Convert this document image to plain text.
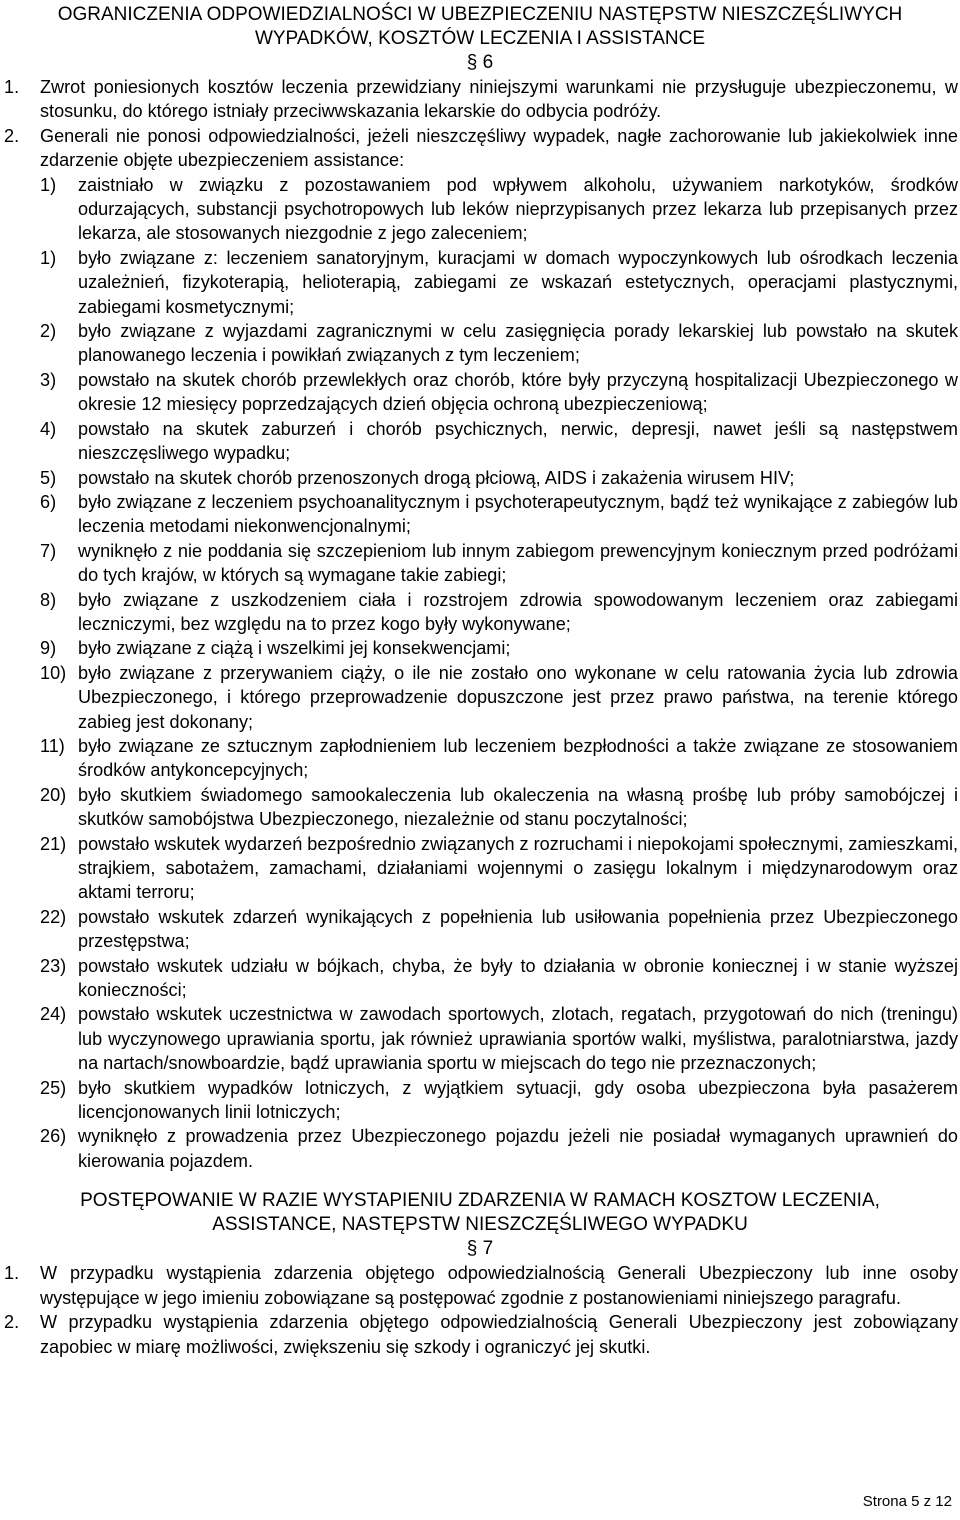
OGRANICZENIA ODPOWIEDZIALNOŚCI W UBEZPIECZENIU NASTĘPSTW NIESZCZĘŚLIWYCH
WYPADKÓW, KOSZTÓW LECZENIA I ASSISTANCE
§ 6
1. Zwrot poniesionych kosztów leczenia przewidziany niniejszymi warunkami nie przysługuje ubezpieczonemu, w stosunku, do którego istniały przeciwwskazania lekarskie do odbycia podróży.
2. Generali nie ponosi odpowiedzialności, jeżeli nieszczęśliwy wypadek, nagłe zachorowanie lub jakiekolwiek inne zdarzenie objęte ubezpieczeniem assistance:
1) zaistniało w związku z pozostawaniem pod wpływem alkoholu, używaniem narkotyków, środków odurzających, substancji psychotropowych lub leków nieprzypisanych przez lekarza lub przepisanych przez lekarza, ale stosowanych niezgodnie z jego zaleceniem;
1) było związane z: leczeniem sanatoryjnym, kuracjami w domach wypoczynkowych lub ośrodkach leczenia uzależnień, fizykoterapią, helioterapią, zabiegami ze wskazań estetycznych, operacjami plastycznymi, zabiegami kosmetycznymi;
2) było związane z wyjazdami zagranicznymi w celu zasięgnięcia porady lekarskiej lub powstało na skutek planowanego leczenia i powikłań związanych z tym leczeniem;
3) powstało na skutek chorób przewlekłych oraz chorób, które były przyczyną hospitalizacji Ubezpieczonego w okresie 12 miesięcy poprzedzających dzień objęcia ochroną ubezpieczeniową;
4) powstało na skutek zaburzeń i chorób psychicznych, nerwic, depresji, nawet jeśli są następstwem nieszczęsliwego wypadku;
5) powstało na skutek chorób przenoszonych drogą płciową, AIDS i zakażenia wirusem HIV;
6) było związane z leczeniem psychoanalitycznym i psychoterapeutycznym, bądź też wynikające z zabiegów lub leczenia metodami niekonwencjonalnymi;
7) wyniknęło z nie poddania się szczepieniom lub innym zabiegom prewencyjnym koniecznym przed podróżami do tych krajów, w których są wymagane takie zabiegi;
8) było związane z uszkodzeniem ciała i rozstrojem zdrowia spowodowanym leczeniem oraz zabiegami leczniczymi, bez względu na to przez kogo były wykonywane;
9) było związane z ciążą i wszelkimi jej konsekwencjami;
10) było związane z przerywaniem ciąży, o ile nie zostało ono wykonane w celu ratowania życia lub zdrowia Ubezpieczonego, i którego przeprowadzenie dopuszczone jest przez prawo państwa, na terenie którego zabieg jest dokonany;
11) było związane ze sztucznym zapłodnieniem lub leczeniem bezpłodności a także związane ze stosowaniem środków antykoncepcyjnych;
20) było skutkiem świadomego samookaleczenia lub okaleczenia na własną prośbę lub próby samobójczej i skutków samobójstwa Ubezpieczonego, niezależnie od stanu poczytalności;
21) powstało wskutek wydarzeń bezpośrednio związanych z rozruchami i niepokojami społecznymi, zamieszkami, strajkiem, sabotażem, zamachami, działaniami wojennymi o zasięgu lokalnym i międzynarodowym oraz aktami terroru;
22) powstało wskutek zdarzeń wynikających z popełnienia lub usiłowania popełnienia przez Ubezpieczonego przestępstwa;
23) powstało wskutek udziału w bójkach, chyba, że były to działania w obronie koniecznej i w stanie wyższej konieczności;
24) powstało wskutek uczestnictwa w zawodach sportowych, zlotach, regatach, przygotowań do nich (treningu) lub wyczynowego uprawiania sportu, jak również uprawiania sportów walki, myślistwa, paralotniarstwa, jazdy na nartach/snowboardzie, bądź uprawiania sportu w miejscach do tego nie przeznaczonych;
25) było skutkiem wypadków lotniczych, z wyjątkiem sytuacji, gdy osoba ubezpieczona była pasażerem licencjonowanych linii lotniczych;
26) wyniknęło z prowadzenia przez Ubezpieczonego pojazdu jeżeli nie posiadał wymaganych uprawnień do kierowania pojazdem.
POSTĘPOWANIE W RAZIE WYSTAPIENIU ZDARZENIA W RAMACH KOSZTOW LECZENIA,
ASSISTANCE, NASTĘPSTW NIESZCZĘŚLIWEGO WYPADKU
§ 7
1. W przypadku wystąpienia zdarzenia objętego odpowiedzialnością Generali Ubezpieczony lub inne osoby występujące w jego imieniu zobowiązane są postępować zgodnie z postanowieniami niniejszego paragrafu.
2. W przypadku wystąpienia zdarzenia objętego odpowiedzialnością Generali Ubezpieczony jest zobowiązany zapobiec w miarę możliwości, zwiększeniu się szkody i ograniczyć jej skutki.
Strona 5 z 12
